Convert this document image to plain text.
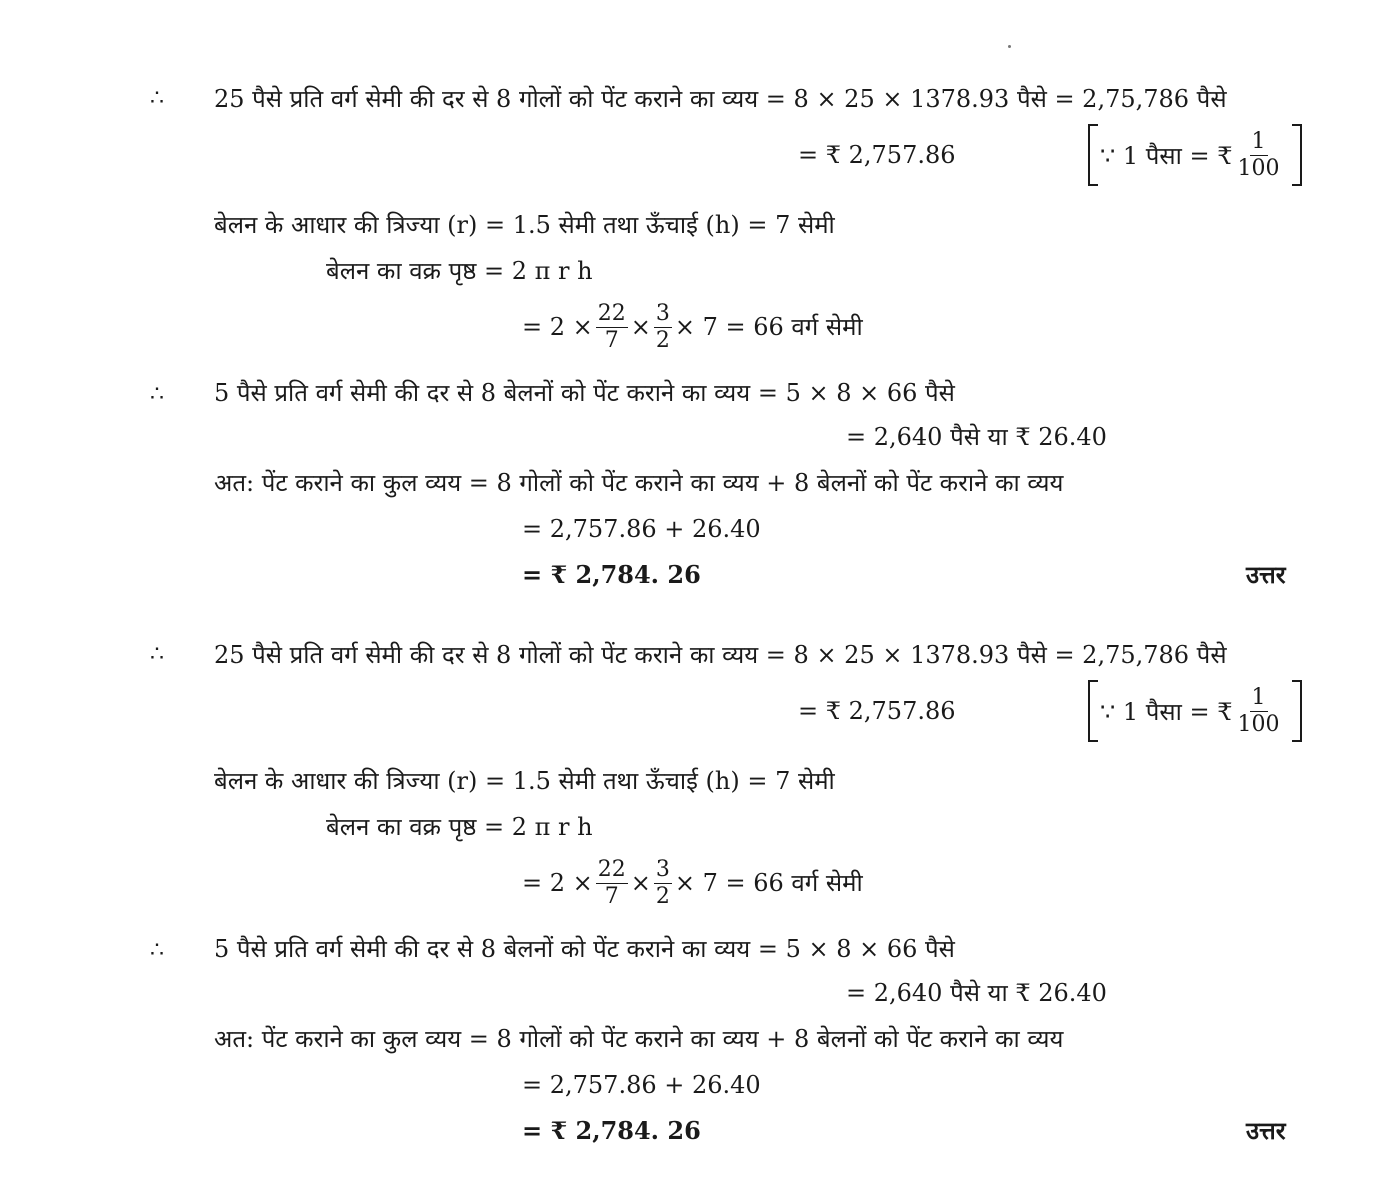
∴ 25 पैसे प्रति वर्ग सेमी की दर से 8 गोलों को पेंट कराने का व्यय = 8 × 25 × 1378.93 पैसे = 2,75,786 पैसे
= ₹ 2,757.86	∵ 1 पैसा = ₹ $\frac{1}{100}$
बेलन के आधार की त्रिज्या (r) = 1.5 सेमी तथा ऊँचाई (h) = 7 सेमी
बेलन का वक्र पृष्ठ = 2 π r h
= $2 \times \frac{22}{7} \times \frac{3}{2} \times 7 = 66$ वर्ग सेमी
∴ 5 पैसे प्रति वर्ग सेमी की दर से 8 बेलनों को पेंट कराने का व्यय = 5 × 8 × 66 पैसे
= 2,640 पैसे या ₹ 26.40
अत: पेंट कराने का कुल व्यय = 8 गोलों को पेंट कराने का व्यय + 8 बेलनों को पेंट कराने का व्यय
= 2,757.86 + 26.40
= ₹ 2,784. 26	उत्तर
∴ 25 पैसे प्रति वर्ग सेमी की दर से 8 गोलों को पेंट कराने का व्यय = 8 × 25 × 1378.93 पैसे = 2,75,786 पैसे
= ₹ 2,757.86	∵ 1 पैसा = ₹ $\frac{1}{100}$
बेलन के आधार की त्रिज्या (r) = 1.5 सेमी तथा ऊँचाई (h) = 7 सेमी
बेलन का वक्र पृष्ठ = 2 π r h
= $2 \times \frac{22}{7} \times \frac{3}{2} \times 7 = 66$ वर्ग सेमी
∴ 5 पैसे प्रति वर्ग सेमी की दर से 8 बेलनों को पेंट कराने का व्यय = 5 × 8 × 66 पैसे
= 2,640 पैसे या ₹ 26.40
अत: पेंट कराने का कुल व्यय = 8 गोलों को पेंट कराने का व्यय + 8 बेलनों को पेंट कराने का व्यय
= 2,757.86 + 26.40
= ₹ 2,784. 26	उत्तर
